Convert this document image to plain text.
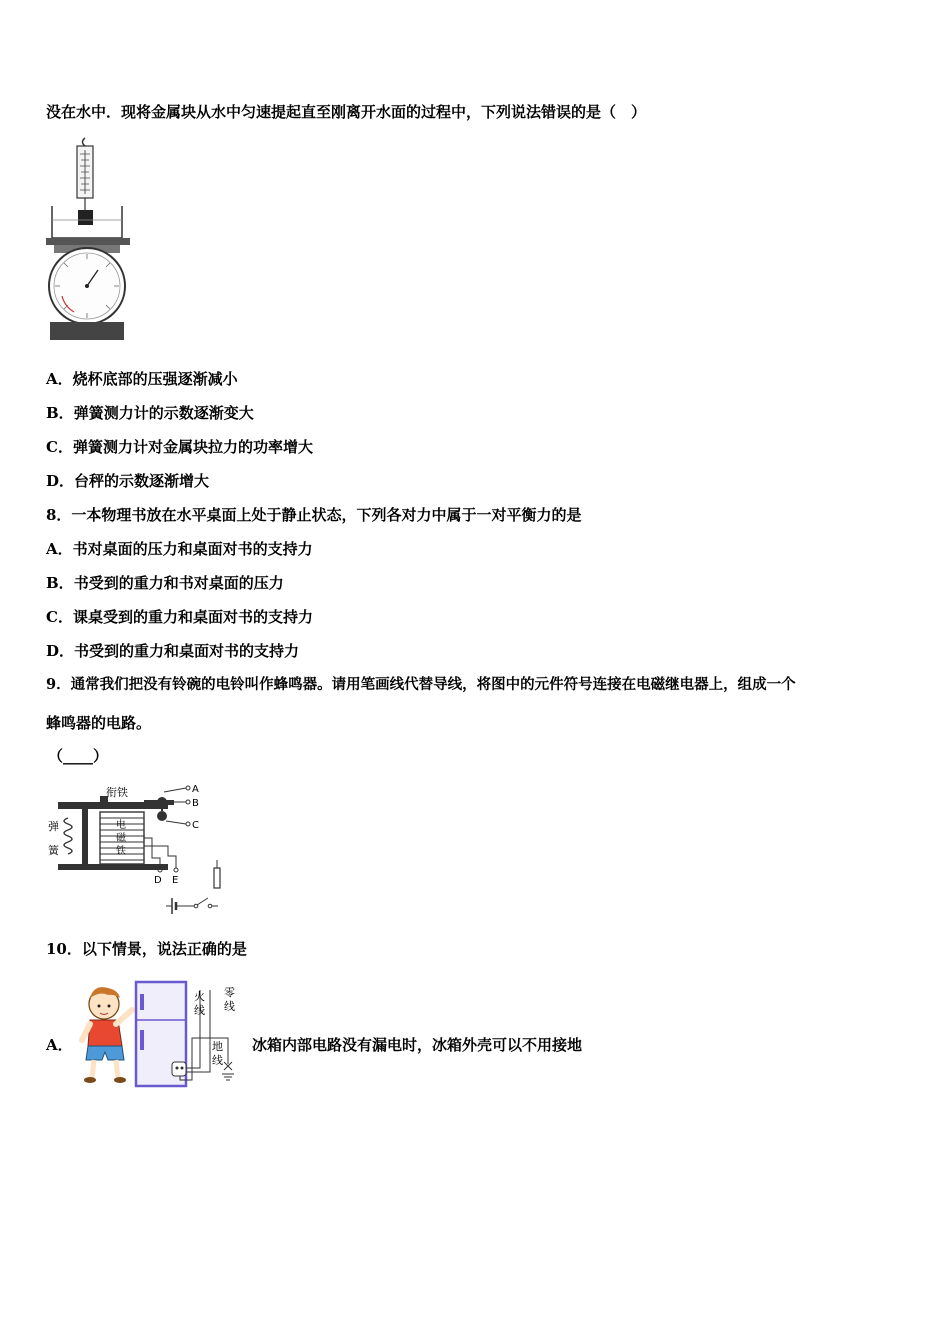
没在水中．现将金属块从水中匀速提起直至刚离开水面的过程中，下列说法错误的是（　）
A．烧杯底部的压强逐渐减小
B．弹簧测力计的示数逐渐变大
C．弹簧测力计对金属块拉力的功率增大
D．台秤的示数逐渐增大
8．一本物理书放在水平桌面上处于静止状态，下列各对力中属于一对平衡力的是
A．书对桌面的压力和桌面对书的支持力
B．书受到的重力和书对桌面的压力
C．课桌受到的重力和桌面对书的支持力
D．书受到的重力和桌面对书的支持力
9．通常我们把没有铃碗的电铃叫作蜂鸣器。请用笔画线代替导线，将图中的元件符号连接在电磁继电器上，组成一个
蜂鸣器的电路。
（____）
衔铁
弹
簧
电
磁
铁
A
B
C
D E
10．以下情景，说法正确的是
A．
火
线
零
线
地
线
冰箱内部电路没有漏电时，冰箱外壳可以不用接地
